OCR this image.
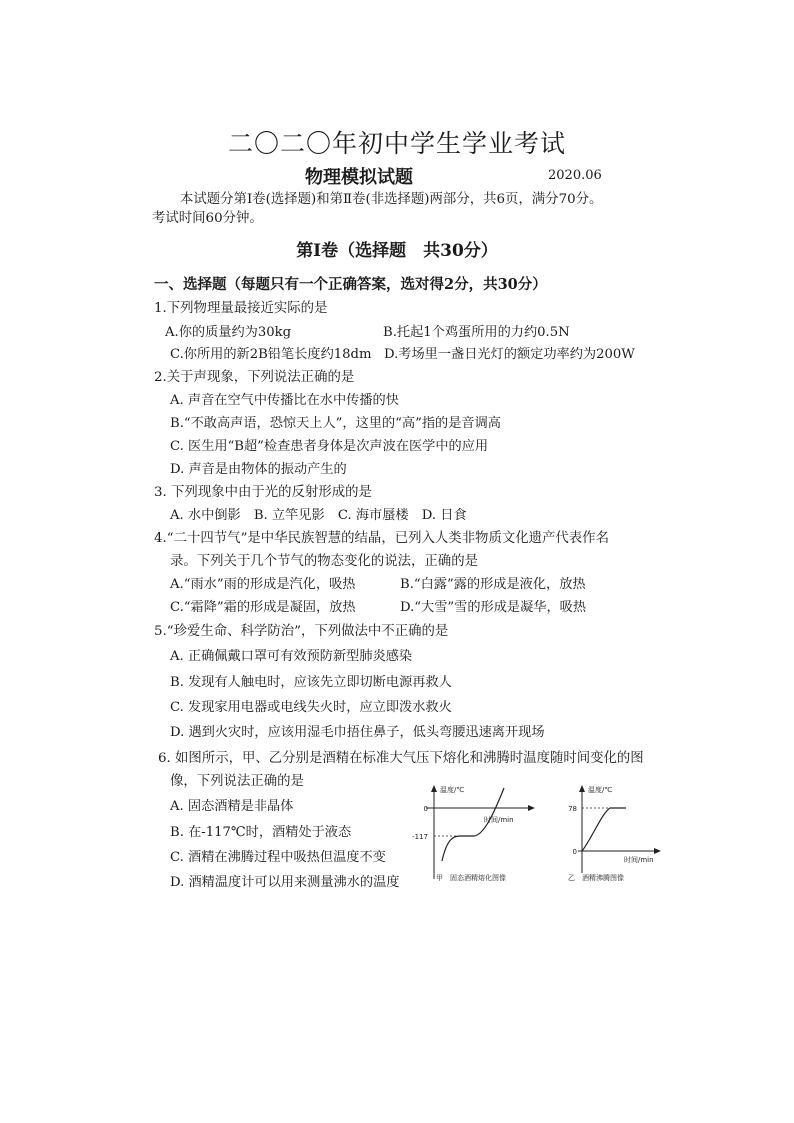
二〇二〇年初中学生学业考试
物理模拟试题	2020.06
本试题分第Ⅰ卷(选择题)和第Ⅱ卷(非选择题)两部分，共6页，满分70分。
考试时间60分钟。
第Ⅰ卷（选择题　共30分）
一、选择题（每题只有一个正确答案，选对得2分，共30分）
1.下列物理量最接近实际的是
A.你的质量约为30kg	B.托起1个鸡蛋所用的力约0.5N
C.你所用的新2B铅笔长度约18dm D.考场里一盏日光灯的额定功率约为200W
2.关于声现象，下列说法正确的是
A. 声音在空气中传播比在水中传播的快
B.“不敢高声语，恐惊天上人”，这里的“高”指的是音调高
C. 医生用“B超”检查患者身体是次声波在医学中的应用
D. 声音是由物体的振动产生的
3. 下列现象中由于光的反射形成的是
A. 水中倒影　B. 立竿见影　C. 海市蜃楼　D. 日食
4.“二十四节气”是中华民族智慧的结晶，已列入人类非物质文化遗产代表作名
录。下列关于几个节气的物态变化的说法，正确的是
A.“雨水”雨的形成是汽化，吸热	B.“白露”露的形成是液化，放热
C.“霜降”霜的形成是凝固，放热	D.“大雪”雪的形成是凝华，吸热
5.“珍爱生命、科学防治”，下列做法中不正确的是
A. 正确佩戴口罩可有效预防新型肺炎感染
B. 发现有人触电时，应该先立即切断电源再救人
C. 发现家用电器或电线失火时，应立即泼水救火
D. 遇到火灾时，应该用湿毛巾捂住鼻子，低头弯腰迅速离开现场
6. 如图所示，甲、乙分别是酒精在标准大气压下熔化和沸腾时温度随时间变化的图
像，下列说法正确的是
A. 固态酒精是非晶体
B. 在-117℃时，酒精处于液态
C. 酒精在沸腾过程中吸热但温度不变
D. 酒精温度计可以用来测量沸水的温度
温度/℃
0
-117
时间/min
甲　固态酒精熔化图像
温度/℃
78
0
时间/min
乙　酒精沸腾图像
